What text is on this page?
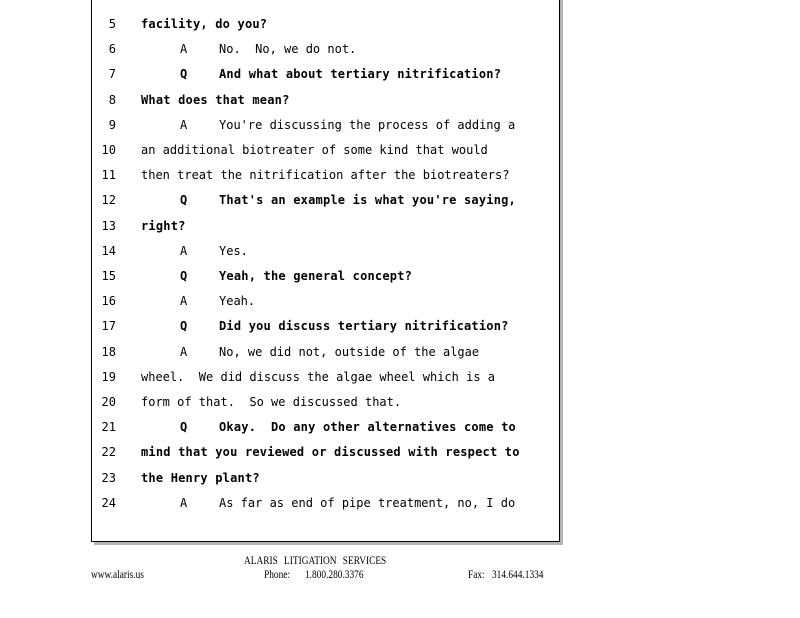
5 facility, do you?
6	A	No.  No, we do not.
7	Q	And what about tertiary nitrification?
8 What does that mean?
9	A	You're discussing the process of adding a
10 an additional biotreater of some kind that would
11 then treat the nitrification after the biotreaters?
12	Q	That's an example is what you're saying,
13 right?
14	A	Yes.
15	Q	Yeah, the general concept?
16	A	Yeah.
17	Q	Did you discuss tertiary nitrification?
18	A	No, we did not, outside of the algae
19 wheel.  We did discuss the algae wheel which is a
20 form of that.  So we discussed that.
21	Q	Okay.  Do any other alternatives come to
22 mind that you reviewed or discussed with respect to
23 the Henry plant?
24	A	As far as end of pipe treatment, no, I do
ALARIS LITIGATION SERVICES
www.alaris.us	Phone: 1.800.280.3376	Fax: 314.644.1334
